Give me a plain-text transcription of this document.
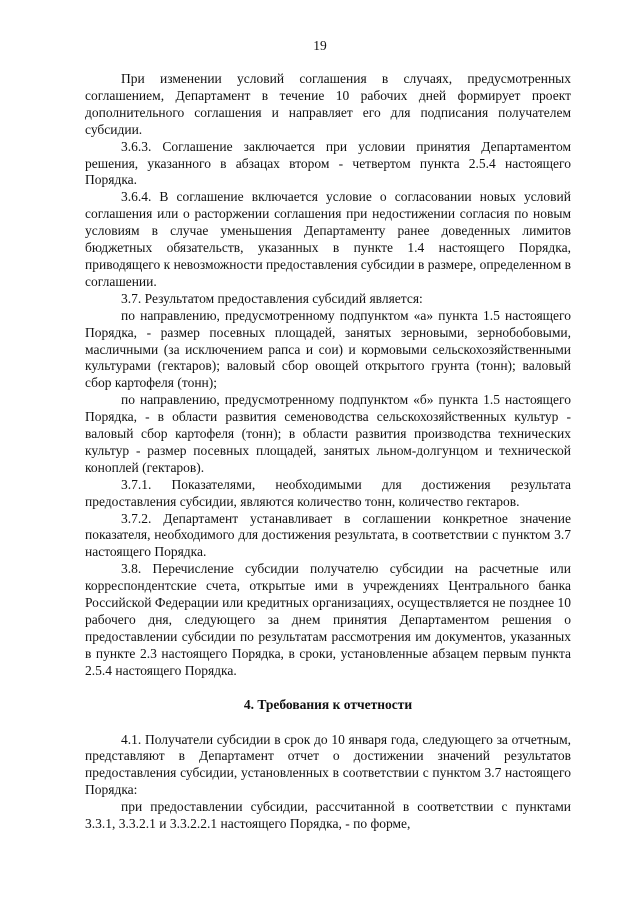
19

При изменении условий соглашения в случаях, предусмотренных соглашением, Департамент в течение 10 рабочих дней формирует проект дополнительного соглашения и направляет его для подписания получателем субсидии.

3.6.3. Соглашение заключается при условии принятия Департаментом решения, указанного в абзацах втором - четвертом пункта 2.5.4 настоящего Порядка.

3.6.4. В соглашение включается условие о согласовании новых условий соглашения или о расторжении соглашения при недостижении согласия по новым условиям в случае уменьшения Департаменту ранее доведенных лимитов бюджетных обязательств, указанных в пункте 1.4 настоящего Порядка, приводящего к невозможности предоставления субсидии в размере, определенном в соглашении.

3.7. Результатом предоставления субсидий является:

по направлению, предусмотренному подпунктом «а» пункта 1.5 настоящего Порядка, - размер посевных площадей, занятых зерновыми, зернобобовыми, масличными (за исключением рапса и сои) и кормовыми сельскохозяйственными культурами (гектаров); валовый сбор овощей открытого грунта (тонн); валовый сбор картофеля (тонн);

по направлению, предусмотренному подпунктом «б» пункта 1.5 настоящего Порядка, - в области развития семеноводства сельскохозяйственных культур - валовый сбор картофеля (тонн); в области развития производства технических культур - размер посевных площадей, занятых льном-долгунцом и технической коноплей (гектаров).

3.7.1. Показателями, необходимыми для достижения результата предоставления субсидии, являются количество тонн, количество гектаров.

3.7.2. Департамент устанавливает в соглашении конкретное значение показателя, необходимого для достижения результата, в соответствии с пунктом 3.7 настоящего Порядка.

3.8. Перечисление субсидии получателю субсидии на расчетные или корреспондентские счета, открытые ими в учреждениях Центрального банка Российской Федерации или кредитных организациях, осуществляется не позднее 10 рабочего дня, следующего за днем принятия Департаментом решения о предоставлении субсидии по результатам рассмотрения им документов, указанных в пункте 2.3 настоящего Порядка, в сроки, установленные абзацем первым пункта 2.5.4 настоящего Порядка.

4. Требования к отчетности

4.1. Получатели субсидии в срок до 10 января года, следующего за отчетным, представляют в Департамент отчет о достижении значений результатов предоставления субсидии, установленных в соответствии с пунктом 3.7 настоящего Порядка:

при предоставлении субсидии, рассчитанной в соответствии с пунктами 3.3.1, 3.3.2.1 и 3.3.2.2.1 настоящего Порядка, - по форме,
